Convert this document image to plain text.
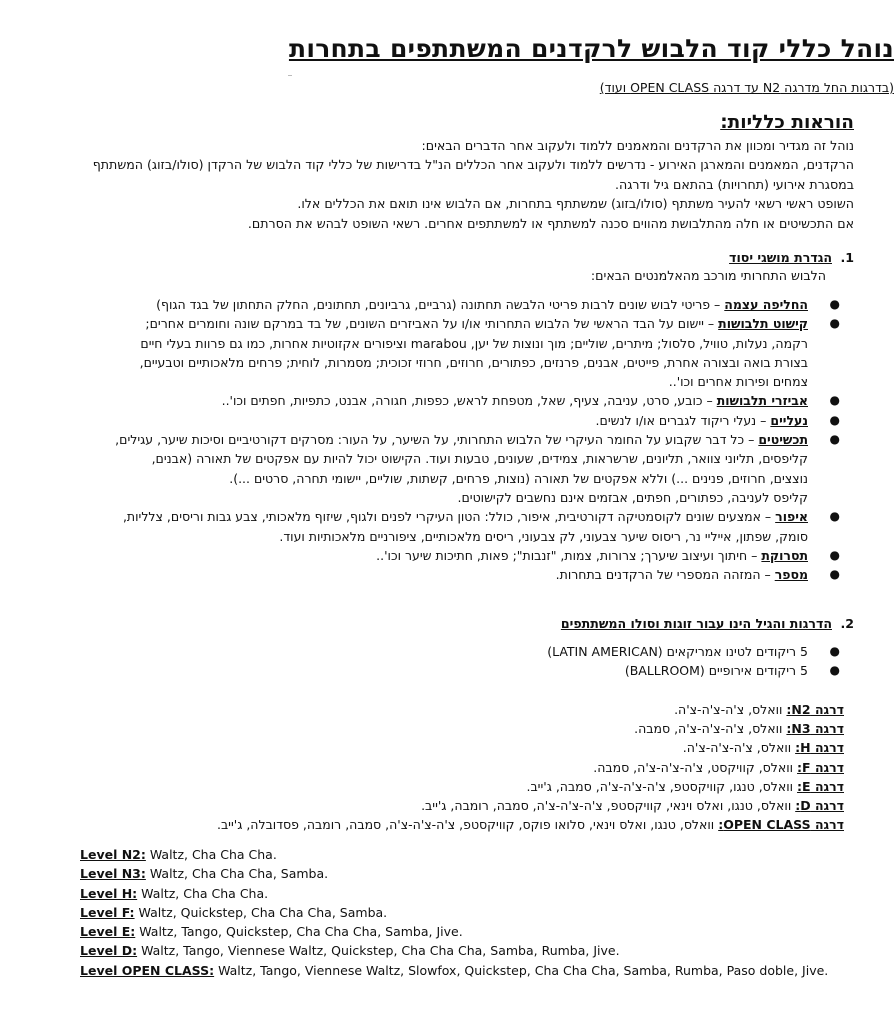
נוהל כללי קוד הלבוש לרקדנים המשתתפים בתחרות
(בדרגות החל מדרגה N2 עד דרגה OPEN CLASS ועוד)
הוראות כלליות:
נוהל זה מגדיר ומכוון את הרקדנים והמאמנים ללמוד ולעקוב אחר הדברים הבאים:
הרקדנים, המאמנים והמארגן האירוע - נדרשים ללמוד ולעקוב אחר הכללים הנ"ל בדרישות של כללי קוד הלבוש של הרקדן (סולו/בזוג) המשתתף
במסגרת אירועי (תחרויות) בהתאם גיל ודרגה.
השופט ראשי רשאי להעיר משתתף (סולו/בזוג) שמשתתף בתחרות, אם הלבוש אינו תואם את הכללים אלו.
אם התכשיטים או חלה מהתלבושת מהווים סכנה למשתתף או למשתתפים אחרים. רשאי השופט לבהש את הסרתם.
1.הגדרת מושגי יסוד
הלבוש התחרותי מורכב מהאלמנטים הבאים:
●
החליפה עצמה – פריטי לבוש שונים לרבות פריטי הלבשה תחתונה (גרביים, גרביונים, תחתונים, החלק התחתון של בגד הגוף)
●
קישוט תלבושות – יישום על הבד הראשי של הלבוש התחרותי או/ו על האביזרים השונים, של בד במרקם שונה וחומרים אחרים;
רקמה, נעלות, טוויל, סלסול; מיתרים, שוליים; מוך ונוצות של יען, marabou וציפורים אקזוטיות אחרות, כמו גם פרוות בעלי חיים
בצורת בואה ובצורה אחרת, פייטים, אבנים, פרנזים, כפתורים, חרוזים, חרוזי זכוכית; מסמרות, לוחית; פרחים מלאכותיים וטבעיים,
צמחים ופירות אחרים וכו'..
●
אביזרי תלבושות – כובע, סרט, עניבה, צעיף, שאל, מטפחת לראש, כפפות, חגורה, אבנט, כתפיות, חפתים וכו'..
●
נעליים – נעלי ריקוד לגברים או/ו לנשים.
●
תכשיטים – כל דבר שקבוע על החומר העיקרי של הלבוש התחרותי, על השיער, על העור: מסרקים דקורטיביים וסיכות שיער, עגילים,
קליפסים, תליוני צוואר, תליונים, שרשראות, צמידים, שעונים, טבעות ועוד. הקישוט יכול להיות עם אפקטים של תאורה (אבנים,
נוצצים, חרוזים, פנינים ...) וללא אפקטים של תאורה (נוצות, פרחים, קשתות, שוליים, יישומי תחרה, סרטים ...).
קליפס לעניבה, כפתורים, חפתים, אבזמים אינם נחשבים לקישוטים.
●
איפור – אמצעים שונים לקוסמטיקה דקורטיבית, איפור, כולל: הטון העיקרי לפנים ולגוף, שיזוף מלאכותי, צבע גבות וריסים, צלליות,
סומק, שפתון, אייליי נר, ריסוס שיער צבעוני, לק צבעוני, ריסים מלאכותיים, ציפורניים מלאכותיות ועוד.
●
תסרוקת – חיתוך ועיצוב שיערך; צרורות, צמות, "זנבות"; פאות, חתיכות שיער וכו'..
●
מספר – המזהה המספרי של הרקדנים בתחרות.
2.הדרגות והגיל הינו עבור זוגות וסולו המשתתפים
●
5 ריקודים לטינו אמריקאים (LATIN AMERICAN)
●
5 ריקודים אירופיים (BALLROOM)
דרגה N2: וואלס, צ'ה-צ'ה-צ'ה.
דרגה N3: וואלס, צ'ה-צ'ה-צ'ה, סמבה.
דרגה H: וואלס, צ'ה-צ'ה-צ'ה.
דרגה F: וואלס, קוויקסט, צ'ה-צ'ה-צ'ה, סמבה.
דרגה E: וואלס, טנגו, קוויקסטפ, צ'ה-צ'ה-צ'ה, סמבה, ג'ייב.
דרגה D: וואלס, טנגו, ואלס וינאי, קוויקסטפ, צ'ה-צ'ה-צ'ה, סמבה, רומבה, ג'ייב.
דרגה OPEN CLASS: וואלס, טנגו, ואלס וינאי, סלואו פוקס, קוויקסטפ, צ'ה-צ'ה-צ'ה, סמבה, רומבה, פסדובלה, ג'ייב.
Level N2: Waltz, Cha Cha Cha.
Level N3: Waltz, Cha Cha Cha, Samba.
Level H: Waltz, Cha Cha Cha.
Level F: Waltz, Quickstep, Cha Cha Cha, Samba.
Level E: Waltz, Tango, Quickstep, Cha Cha Cha, Samba, Jive.
Level D: Waltz, Tango, Viennese Waltz, Quickstep, Cha Cha Cha, Samba, Rumba, Jive.
Level OPEN CLASS: Waltz, Tango, Viennese Waltz, Slowfox, Quickstep, Cha Cha Cha, Samba, Rumba, Paso doble, Jive.
